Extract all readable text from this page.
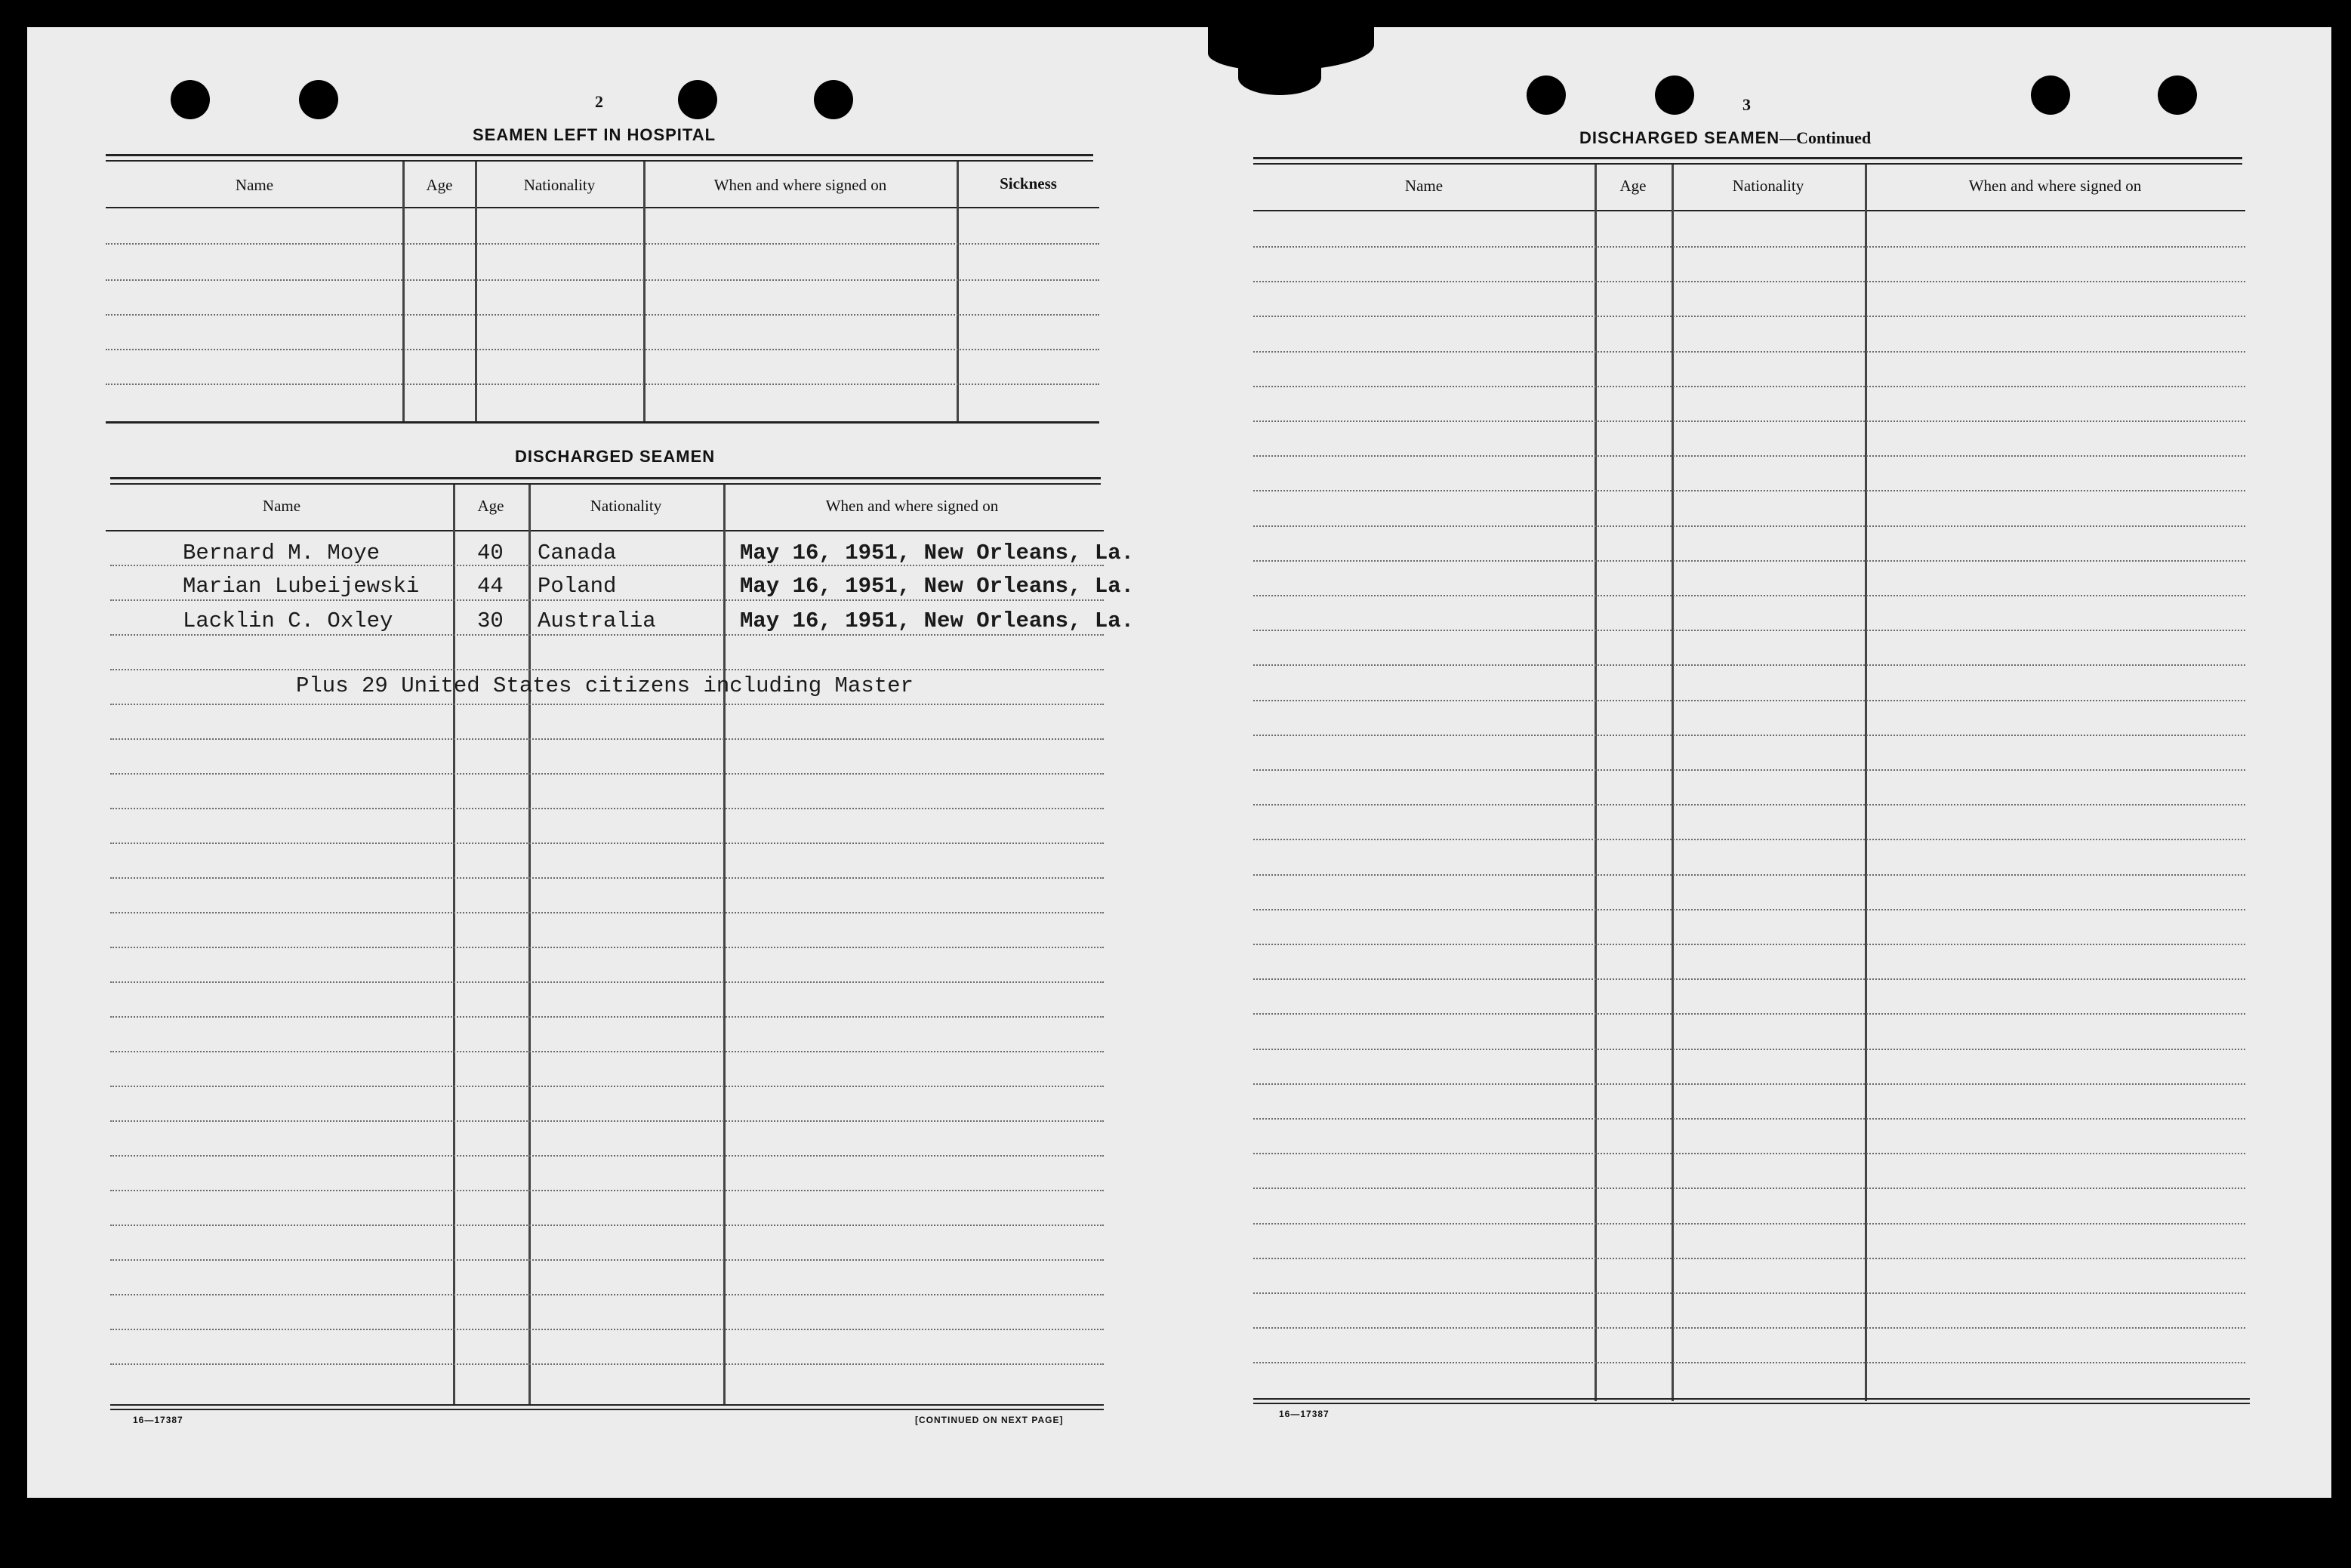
2
SEAMEN LEFT IN HOSPITAL
Name	Age	Nationality	When and where signed on	Sickness
DISCHARGED SEAMEN
Name	Age	Nationality	When and where signed on
Bernard M. Moye	40 Canada	May 16, 1951, New Orleans, La.
Marian Lubeijewski	44 Poland	May 16, 1951, New Orleans, La.
Lacklin C. Oxley	30 Australia	May 16, 1951, New Orleans, La.
Plus 29 United States citizens including Master
16—17387	[CONTINUED ON NEXT PAGE]
3
DISCHARGED SEAMEN—Continued
Name	Age	Nationality	When and where signed on
16—17387
